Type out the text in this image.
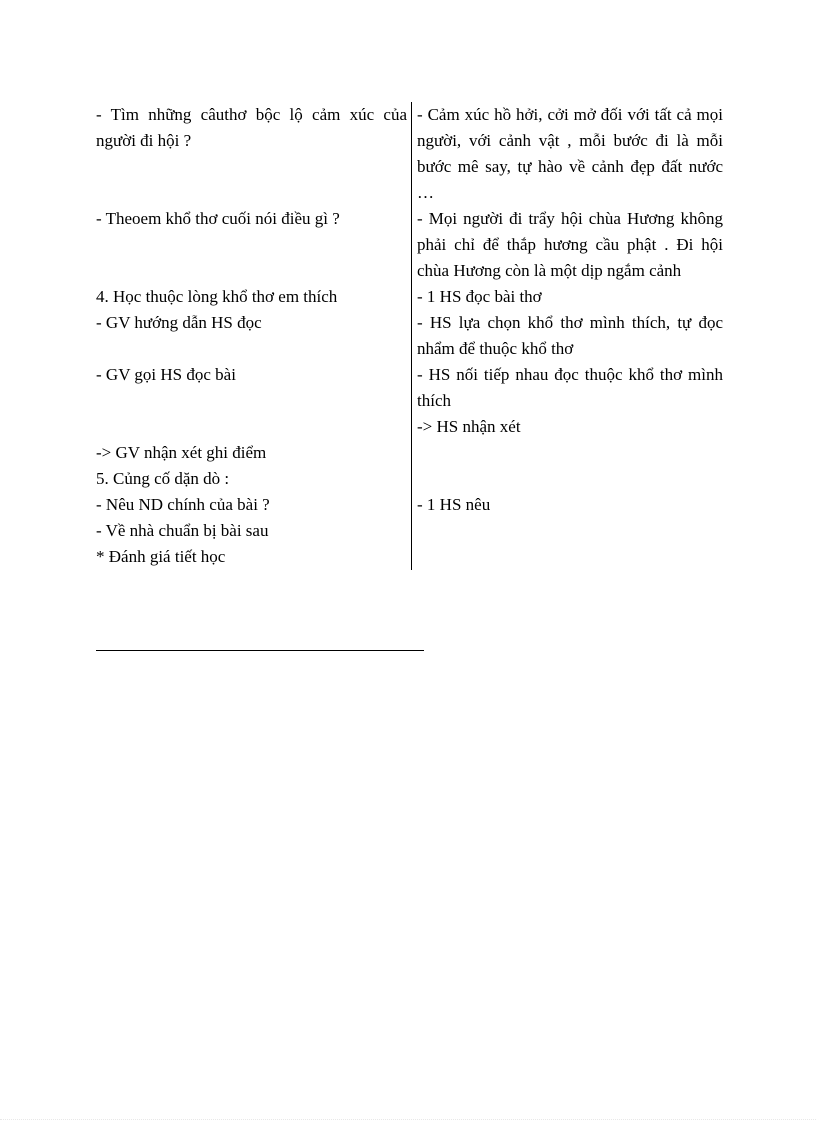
- Tìm những câuthơ bộc lộ cảm xúc của người đi hội ?	- Cảm xúc hồ hởi, cởi mở đối với tất cả mọi người, với cảnh vật , mỗi bước đi là mỗi bước mê say, tự hào về cảnh đẹp đất nước …

- Theoem khổ thơ cuối nói điều gì ?	- Mọi người đi trẩy hội chùa Hương không phải chỉ để thắp hương cầu phật . Đi hội chùa Hương còn là một dịp ngắm cảnh

4. Học thuộc lòng khổ thơ em thích	- 1 HS đọc bài thơ

- GV hướng dẫn HS đọc	- HS lựa chọn khổ thơ mình thích, tự đọc nhẩm để thuộc khổ thơ

- GV gọi HS đọc bài	- HS nối tiếp nhau đọc thuộc khổ thơ mình thích

	-> HS nhận xét

-> GV nhận xét ghi điểm	

5. Củng cố dặn dò :	

- Nêu ND chính của bài ?	- 1 HS nêu

- Về nhà chuẩn bị bài sau	

* Đánh giá tiết học	
